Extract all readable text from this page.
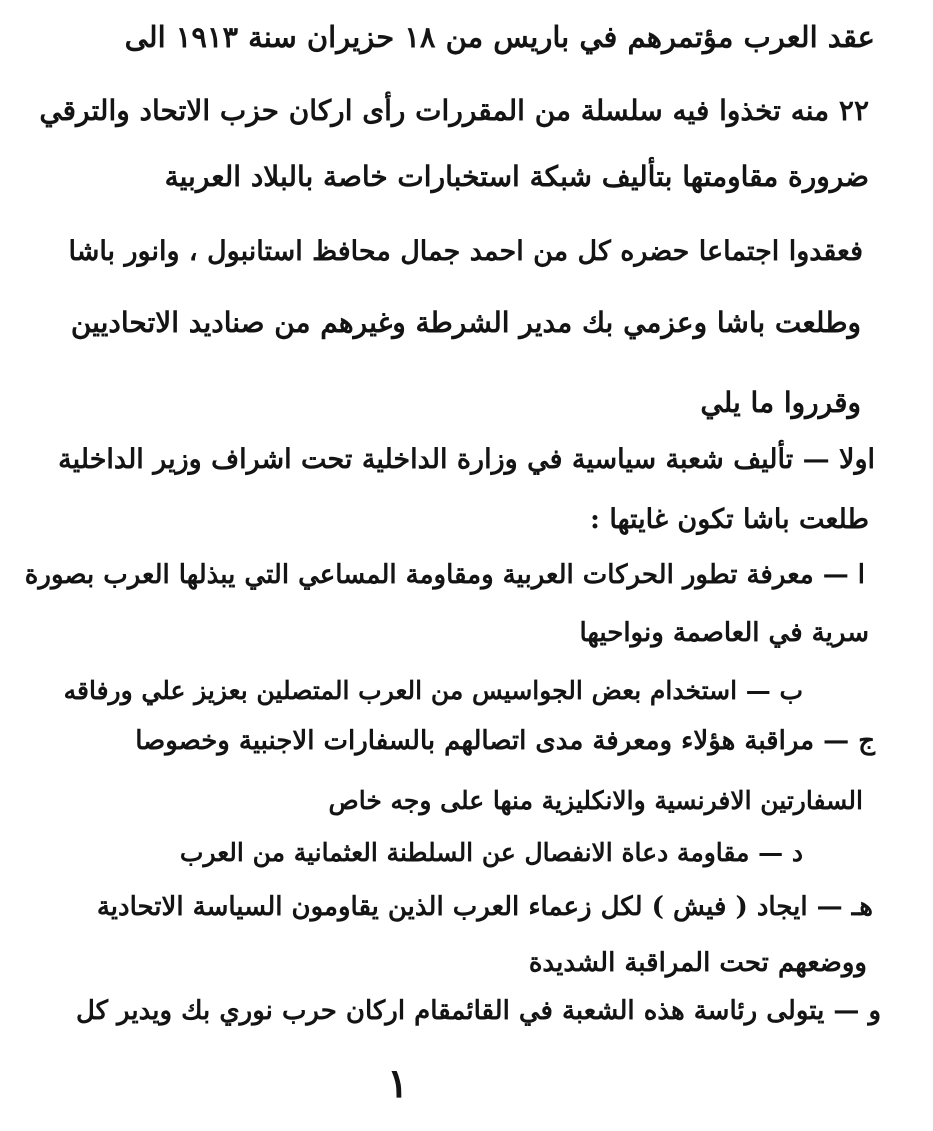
عقد العرب مؤتمرهم في باريس من ١٨ حزيران سنة ١٩١٣ الى
٢٢ منه تخذوا فيه سلسلة من المقررات رأى اركان حزب الاتحاد والترقي
ضرورة مقاومتها بتأليف شبكة استخبارات خاصة بالبلاد العربية
فعقدوا اجتماعا حضره كل من احمد جمال محافظ استانبول ، وانور باشا
وطلعت باشا وعزمي بك مدير الشرطة وغيرهم من صناديد الاتحاديين
وقرروا ما يلي
اولا — تأليف شعبة سياسية في وزارة الداخلية تحت اشراف وزير الداخلية
طلعت باشا تكون غايتها :
ا — معرفة تطور الحركات العربية ومقاومة المساعي التي يبذلها العرب بصورة
سرية في العاصمة ونواحيها
ب — استخدام بعض الجواسيس من العرب المتصلين بعزيز علي ورفاقه
ج — مراقبة هؤلاء ومعرفة مدى اتصالهم بالسفارات الاجنبية وخصوصا
السفارتين الافرنسية والانكليزية منها على وجه خاص
د — مقاومة دعاة الانفصال عن السلطنة العثمانية من العرب
هـ — ايجاد ( فيش ) لكل زعماء العرب الذين يقاومون السياسة الاتحادية
ووضعهم تحت المراقبة الشديدة
و — يتولى رئاسة هذه الشعبة في القائمقام اركان حرب نوري بك ويدير كل
١
